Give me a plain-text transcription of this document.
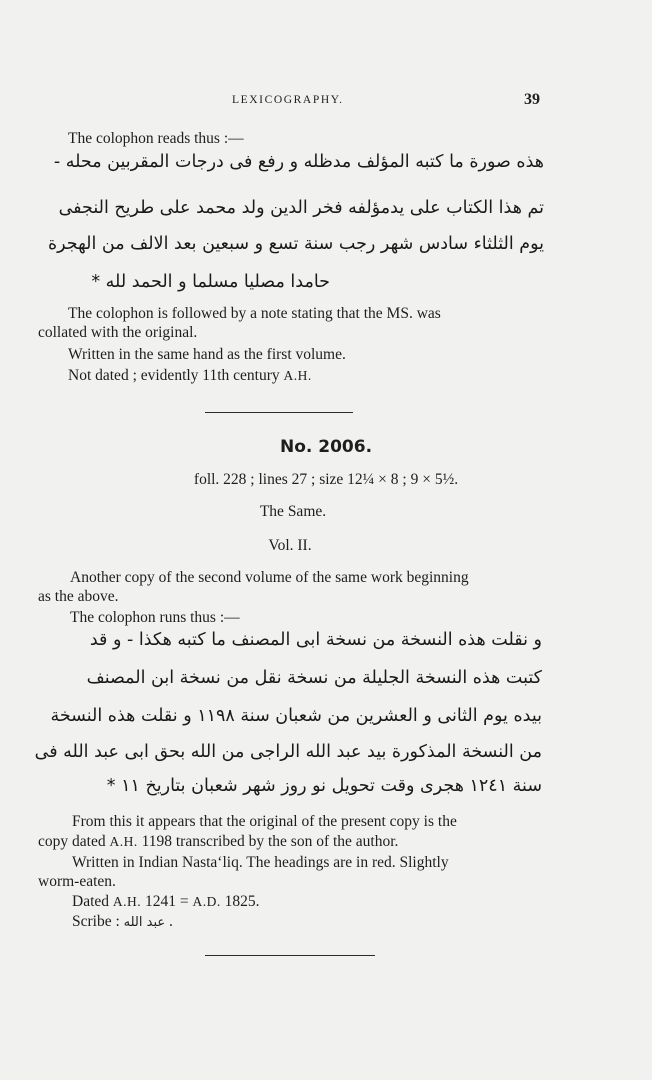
LEXICOGRAPHY.	39
The colophon reads thus :—
هذه صورة ما كتبه المؤلف مدظله و رفع فى درجات المقربين محله -
تم هذا الكتاب على يدمؤلفه فخر الدين ولد محمد على طريح النجفى
يوم الثلثاء سادس شهر رجب سنة تسع و سبعين بعد الالف من الهجرة
حامدا مصليا مسلما و الحمد لله *
The colophon is followed by a note stating that the MS. was
collated with the original.
Written in the same hand as the first volume.
Not dated ; evidently 11th century A.H.
No. 2006.
foll. 228 ; lines 27 ; size 12¼ × 8 ; 9 × 5½.
The Same.
Vol. II.
Another copy of the second volume of the same work beginning
as the above.
The colophon runs thus :—
و نقلت هذه النسخة من نسخة ابى المصنف ما كتبه هكذا - و قد
كتبت هذه النسخة الجليلة من نسخة نقل من نسخة ابن المصنف
بيده يوم الثانى و العشرين من شعبان سنة ١١٩٨ و نقلت هذه النسخة
من النسخة المذكورة بيد عبد الله الراجى من الله بحق ابى عبد الله فى
سنة ١٢٤١ هجرى وقت تحويل نو روز شهر شعبان بتاريخ ١١ *
From this it appears that the original of the present copy is the
copy dated A.H. 1198 transcribed by the son of the author.
Written in Indian Nasta‘liq. The headings are in red. Slightly
worm-eaten.
Dated A.H. 1241 = A.D. 1825.
Scribe : عبد الله .
